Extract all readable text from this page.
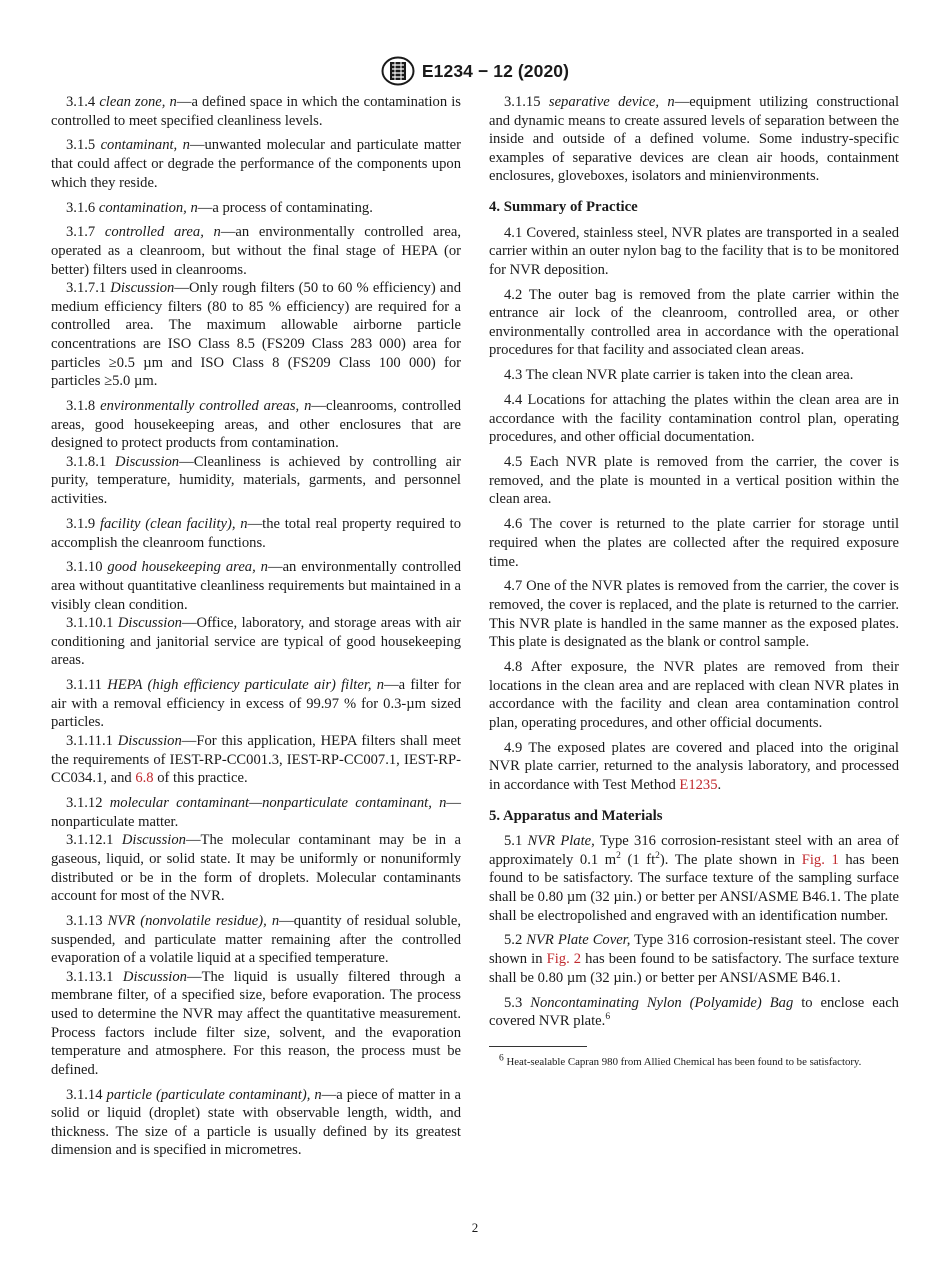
E1234 − 12 (2020)

3.1.4 clean zone, n—a defined space in which the contamination is controlled to meet specified cleanliness levels.

3.1.5 contaminant, n—unwanted molecular and particulate matter that could affect or degrade the performance of the components upon which they reside.

3.1.6 contamination, n—a process of contaminating.

3.1.7 controlled area, n—an environmentally controlled area, operated as a cleanroom, but without the final stage of HEPA (or better) filters used in cleanrooms.

3.1.7.1 Discussion—Only rough filters (50 to 60 % efficiency) and medium efficiency filters (80 to 85 % efficiency) are required for a controlled area. The maximum allowable airborne particle concentrations are ISO Class 8.5 (FS209 Class 283 000) area for particles ≥0.5 µm and ISO Class 8 (FS209 Class 100 000) for particles ≥5.0 µm.

3.1.8 environmentally controlled areas, n—cleanrooms, controlled areas, good housekeeping areas, and other enclosures that are designed to protect products from contamination.

3.1.8.1 Discussion—Cleanliness is achieved by controlling air purity, temperature, humidity, materials, garments, and personnel activities.

3.1.9 facility (clean facility), n—the total real property required to accomplish the cleanroom functions.

3.1.10 good housekeeping area, n—an environmentally controlled area without quantitative cleanliness requirements but maintained in a visibly clean condition.

3.1.10.1 Discussion—Office, laboratory, and storage areas with air conditioning and janitorial service are typical of good housekeeping areas.

3.1.11 HEPA (high efficiency particulate air) filter, n—a filter for air with a removal efficiency in excess of 99.97 % for 0.3-µm sized particles.

3.1.11.1 Discussion—For this application, HEPA filters shall meet the requirements of IEST-RP-CC001.3, IEST-RP-CC007.1, IEST-RP-CC034.1, and 6.8 of this practice.

3.1.12 molecular contaminant—nonparticulate contaminant, n—nonparticulate matter.

3.1.12.1 Discussion—The molecular contaminant may be in a gaseous, liquid, or solid state. It may be uniformly or nonuniformly distributed or be in the form of droplets. Molecular contaminants account for most of the NVR.

3.1.13 NVR (nonvolatile residue), n—quantity of residual soluble, suspended, and particulate matter remaining after the controlled evaporation of a volatile liquid at a specified temperature.

3.1.13.1 Discussion—The liquid is usually filtered through a membrane filter, of a specified size, before evaporation. The process used to determine the NVR may affect the quantitative measurement. Process factors include filter size, solvent, and the evaporation temperature and atmosphere. For this reason, the process must be defined.

3.1.14 particle (particulate contaminant), n—a piece of matter in a solid or liquid (droplet) state with observable length, width, and thickness. The size of a particle is usually defined by its greatest dimension and is specified in micrometres.

3.1.15 separative device, n—equipment utilizing constructional and dynamic means to create assured levels of separation between the inside and outside of a defined volume. Some industry-specific examples of separative devices are clean air hoods, containment enclosures, gloveboxes, isolators and minienvironments.

4. Summary of Practice

4.1 Covered, stainless steel, NVR plates are transported in a sealed carrier within an outer nylon bag to the facility that is to be monitored for NVR deposition.

4.2 The outer bag is removed from the plate carrier within the entrance air lock of the cleanroom, controlled area, or other environmentally controlled area in accordance with the operational procedures for that facility and associated clean areas.

4.3 The clean NVR plate carrier is taken into the clean area.

4.4 Locations for attaching the plates within the clean area are in accordance with the facility contamination control plan, operating procedures, and other official documentation.

4.5 Each NVR plate is removed from the carrier, the cover is removed, and the plate is mounted in a vertical position within the clean area.

4.6 The cover is returned to the plate carrier for storage until required when the plates are collected after the required exposure time.

4.7 One of the NVR plates is removed from the carrier, the cover is removed, the cover is replaced, and the plate is returned to the carrier. This NVR plate is handled in the same manner as the exposed plates. This plate is designated as the blank or control sample.

4.8 After exposure, the NVR plates are removed from their locations in the clean area and are replaced with clean NVR plates in accordance with the facility and clean area contamination control plan, operating procedures, and other official documents.

4.9 The exposed plates are covered and placed into the original NVR plate carrier, returned to the analysis laboratory, and processed in accordance with Test Method E1235.

5. Apparatus and Materials

5.1 NVR Plate, Type 316 corrosion-resistant steel with an area of approximately 0.1 $m^2$ (1 $ft^2$). The plate shown in Fig. 1 has been found to be satisfactory. The surface texture of the sampling surface shall be 0.80 µm (32 µin.) or better per ANSI/ASME B46.1. The plate shall be electropolished and engraved with an identification number.

5.2 NVR Plate Cover, Type 316 corrosion-resistant steel. The cover shown in Fig. 2 has been found to be satisfactory. The surface texture shall be 0.80 µm (32 µin.) or better per ANSI/ASME B46.1.

5.3 Noncontaminating Nylon (Polyamide) Bag to enclose each covered NVR plate.$^6$

$^6$ Heat-sealable Capran 980 from Allied Chemical has been found to be satisfactory.
2
